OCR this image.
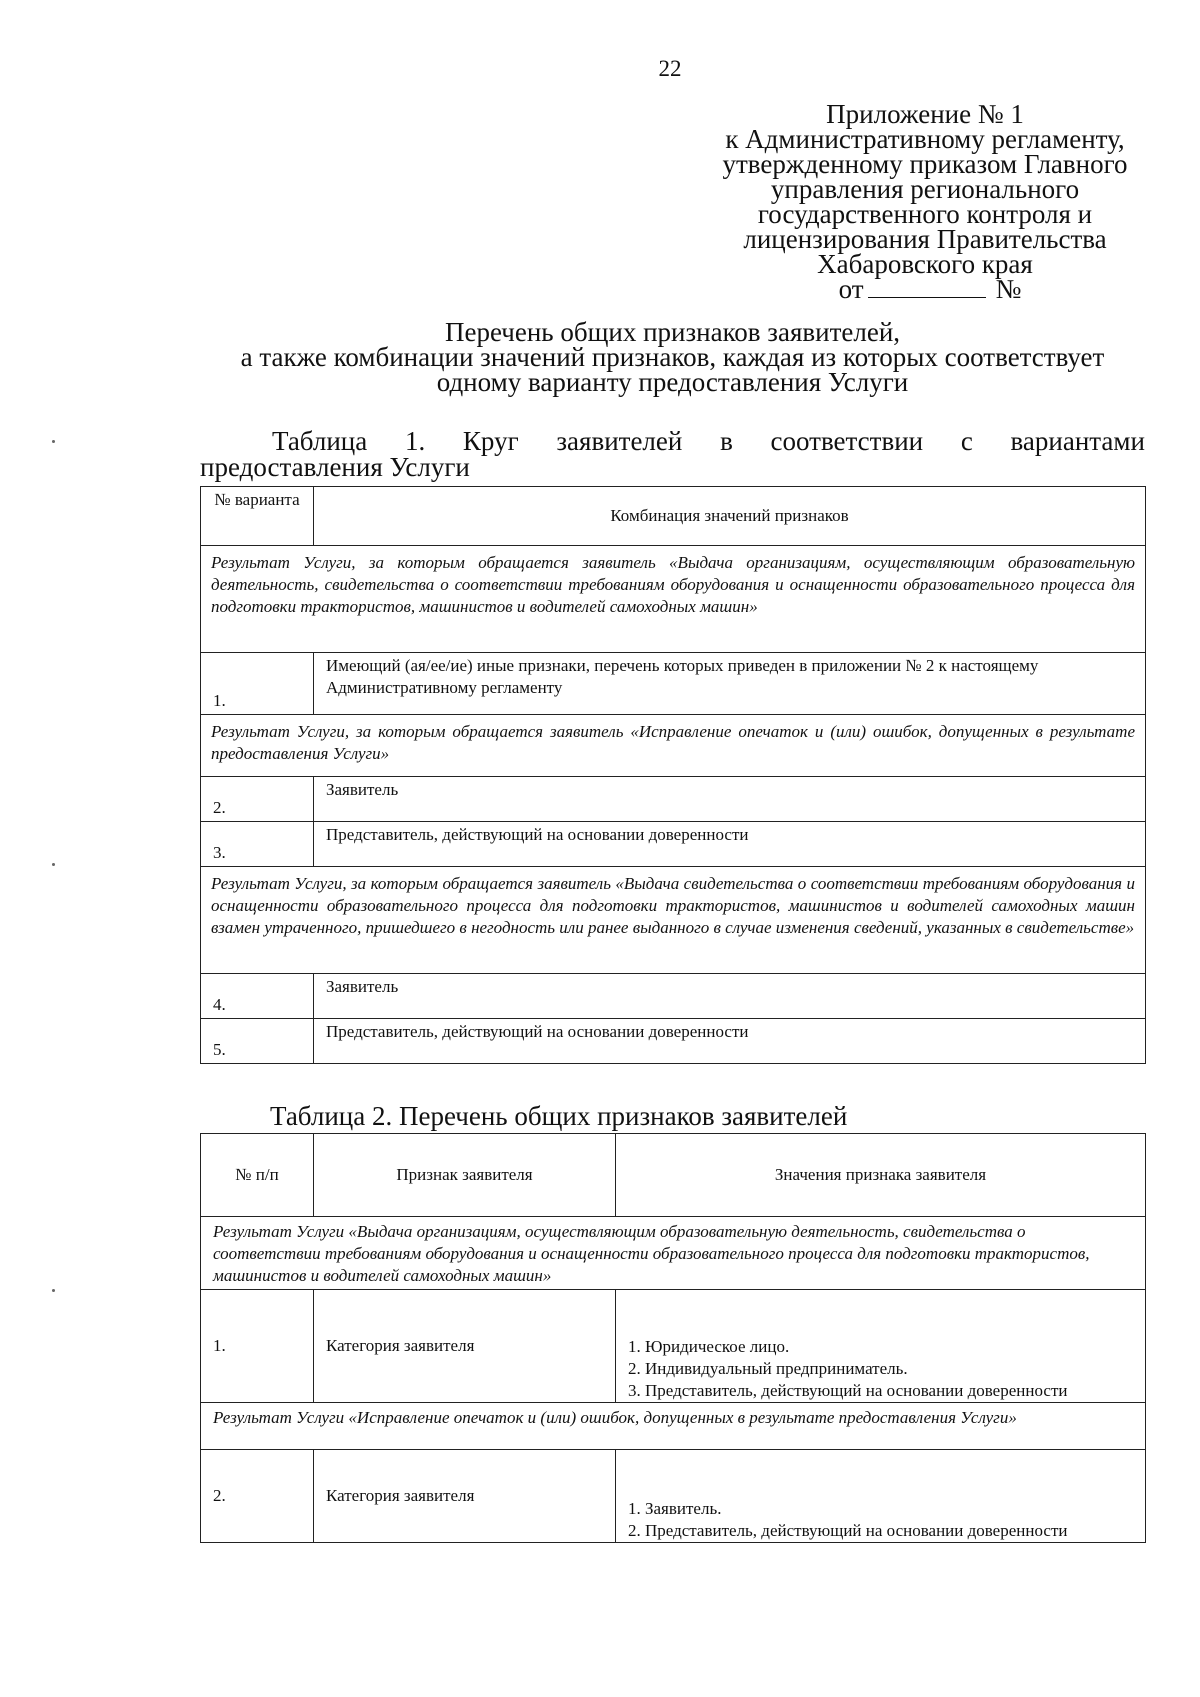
22
Приложение № 1
к Административному регламенту,
утвержденному приказом Главного
управления регионального
государственного контроля и
лицензирования Правительства
Хабаровского края
от	№
Перечень общих признаков заявителей,
а также комбинации значений признаков, каждая из которых соответствует
одному варианту предоставления Услуги
Таблица 1. Круг заявителей в соответствии с вариантами
предоставления Услуги
№ варианта	Комбинация значений признаков
Результат Услуги, за которым обращается заявитель «Выдача организациям, осуществляющим образовательную деятельность, свидетельства о соответствии требованиям оборудования и оснащенности образовательного процесса для подготовки трактористов, машинистов и водителей самоходных машин»	
1.	Имеющий (ая/ее/ие) иные признаки, перечень которых приведен в приложении № 2 к настоящему Административному регламенту
Результат Услуги, за которым обращается заявитель «Исправление опечаток и (или) ошибок, допущенных в результате предоставления Услуги»	
2.	Заявитель
3.	Представитель, действующий на основании доверенности
Результат Услуги, за которым обращается заявитель «Выдача свидетельства о соответствии требованиям оборудования и оснащенности образовательного процесса для подготовки трактористов, машинистов и водителей самоходных машин взамен утраченного, пришедшего в негодность или ранее выданного в случае изменения сведений, указанных в свидетельстве»	
4.	Заявитель
5.	Представитель, действующий на основании доверенности
Таблица 2. Перечень общих признаков заявителей
№ п/п	Признак заявителя	Значения признака заявителя
Результат Услуги «Выдача организациям, осуществляющим образовательную деятельность, свидетельства о соответствии требованиям оборудования и оснащенности образовательного процесса для подготовки трактористов, машинистов и водителей самоходных машин»		
1.	Категория заявителя	1. Юридическое лицо.
2. Индивидуальный предприниматель.
3. Представитель, действующий на основании доверенности

Результат Услуги «Исправление опечаток и (или) ошибок, допущенных в результате предоставления Услуги»		
2.	Категория заявителя	1. Заявитель.
2. Представитель, действующий на основании доверенности
